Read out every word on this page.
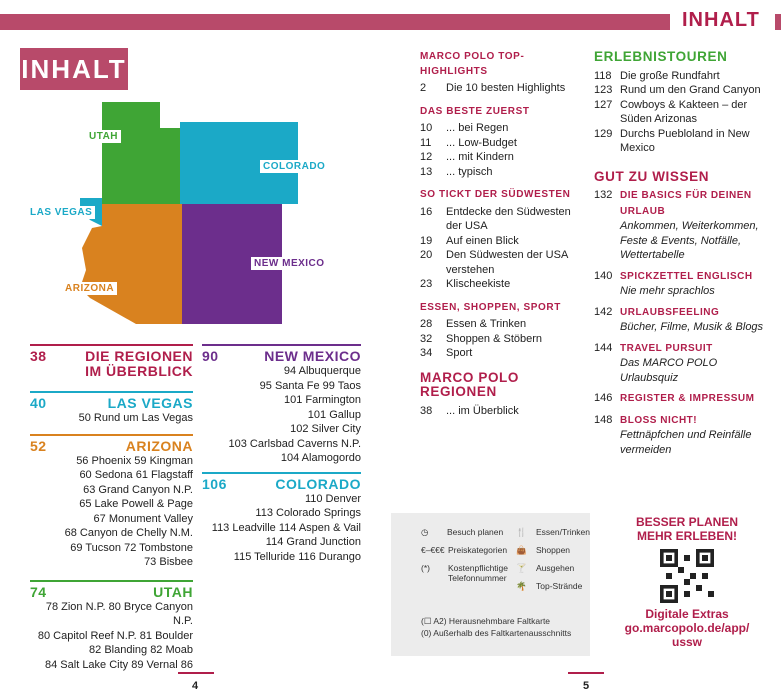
INHALT
INHALT
UTAH
COLORADO
LAS VEGAS
NEW MEXICO
ARIZONA
38	DIE REGIONEN IM ÜBERBLICK
40	LAS VEGAS
50 Rund um Las Vegas
52	ARIZONA
56 Phoenix 59 Kingman
60 Sedona 61 Flagstaff
63 Grand Canyon N.P.
65 Lake Powell & Page
67 Monument Valley
68 Canyon de Chelly N.M.
69 Tucson 72 Tombstone
73 Bisbee
74	UTAH
78 Zion N.P. 80 Bryce Canyon N.P.
80 Capitol Reef N.P. 81 Boulder
82 Blanding 82 Moab
84 Salt Lake City 89 Vernal 86
90	NEW MEXICO
94 Albuquerque
95 Santa Fe 99 Taos
101 Farmington
101 Gallup
102 Silver City
103 Carlsbad Caverns N.P.
104 Alamogordo
106	COLORADO
110 Denver
113 Colorado Springs
113 Leadville 114 Aspen & Vail
114 Grand Junction
115 Telluride 116 Durango
MARCO POLO TOP-HIGHLIGHTS
2	Die 10 besten Highlights
DAS BESTE ZUERST
10	... bei Regen
11	... Low-Budget
12	... mit Kindern
13	... typisch
SO TICKT DER SÜDWESTEN
16	Entdecke den Südwesten der USA
19	Auf einen Blick
20	Den Südwesten der USA verstehen
23	Klischeekiste
ESSEN, SHOPPEN, SPORT
28	Essen & Trinken
32	Shoppen & Stöbern
34	Sport
MARCO POLO REGIONEN
38	... im Überblick
ERLEBNISTOUREN
118 Die große Rundfahrt
123 Rund um den Grand Canyon
127 Cowboys & Kakteen – der Süden Arizonas
129 Durchs Puebloland in New Mexico
GUT ZU WISSEN
132 DIE BASICS FÜR DEINEN URLAUB
Ankommen, Weiterkommen, Feste & Events, Notfälle, Wettertabelle
140 SPICKZETTEL ENGLISCH
Nie mehr sprachlos
142 URLAUBSFEELING
Bücher, Filme, Musik & Blogs
144 TRAVEL PURSUIT
Das MARCO POLO Urlaubsquiz
146 REGISTER & IMPRESSUM
148 BLOSS NICHT!
Fettnäpfchen und Reinfälle vermeiden
◷ Besuch planen 🍴 Essen/Trinken
€–€€€ Preiskategorien 👜 Shoppen
(*)	Kostenpflichtige Telefonnummer
🍸 Ausgehen
🌴 Top-Strände
(☐ A2) Herausnehmbare Faltkarte
(0) Außerhalb des Faltkartenausschnitts
BESSER PLANEN
MEHR ERLEBEN!
Digitale Extras
go.marcopolo.de/app/
ussw
4	5
